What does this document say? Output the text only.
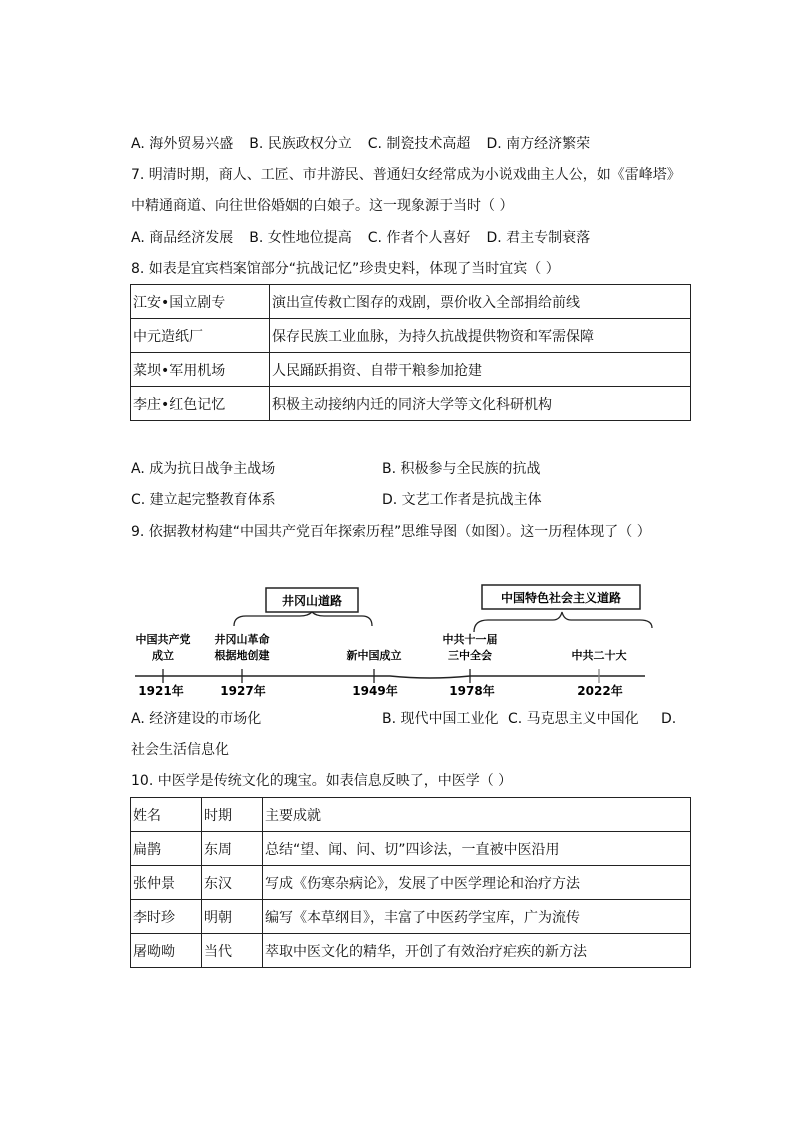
A. 海外贸易兴盛 B. 民族政权分立 C. 制瓷技术高超 D. 南方经济繁荣
7. 明清时期，商人、工匠、市井游民、普通妇女经常成为小说戏曲主人公，如《雷峰塔》
中精通商道、向往世俗婚姻的白娘子。这一现象源于当时（ ）
A. 商品经济发展 B. 女性地位提高 C. 作者个人喜好 D. 君主专制衰落
8. 如表是宜宾档案馆部分“抗战记忆”珍贵史料，体现了当时宜宾（ ）
江安•国立剧专	演出宣传救亡图存的戏剧，票价收入全部捐给前线
中元造纸厂	保存民族工业血脉，为持久抗战提供物资和军需保障
菜坝•军用机场	人民踊跃捐资、自带干粮参加抢建
李庄•红色记忆	积极主动接纳内迁的同济大学等文化科研机构
A. 成为抗日战争主战场	B. 积极参与全民族的抗战
C. 建立起完整教育体系	D. 文艺工作者是抗战主体
9. 依据教材构建“中国共产党百年探索历程”思维导图（如图）。这一历程体现了（ ）
井冈山道路	中国特色社会主义道路
中国共产党
成立
井冈山革命
根据地创建	新中国成立
中共十一届
三中全会	中共二十大
1921年	1927年	1949年	1978年	2022年
A. 经济建设的市场化	B. 现代中国工业化 C. 马克思主义中国化 D.
社会生活信息化
10. 中医学是传统文化的瑰宝。如表信息反映了，中医学（ ）
姓名	时期	主要成就
扁鹊	东周	总结“望、闻、问、切”四诊法，一直被中医沿用
张仲景	东汉	写成《伤寒杂病论》，发展了中医学理论和治疗方法
李时珍	明朝	编写《本草纲目》，丰富了中医药学宝库，广为流传
屠呦呦	当代	萃取中医文化的精华，开创了有效治疗疟疾的新方法
